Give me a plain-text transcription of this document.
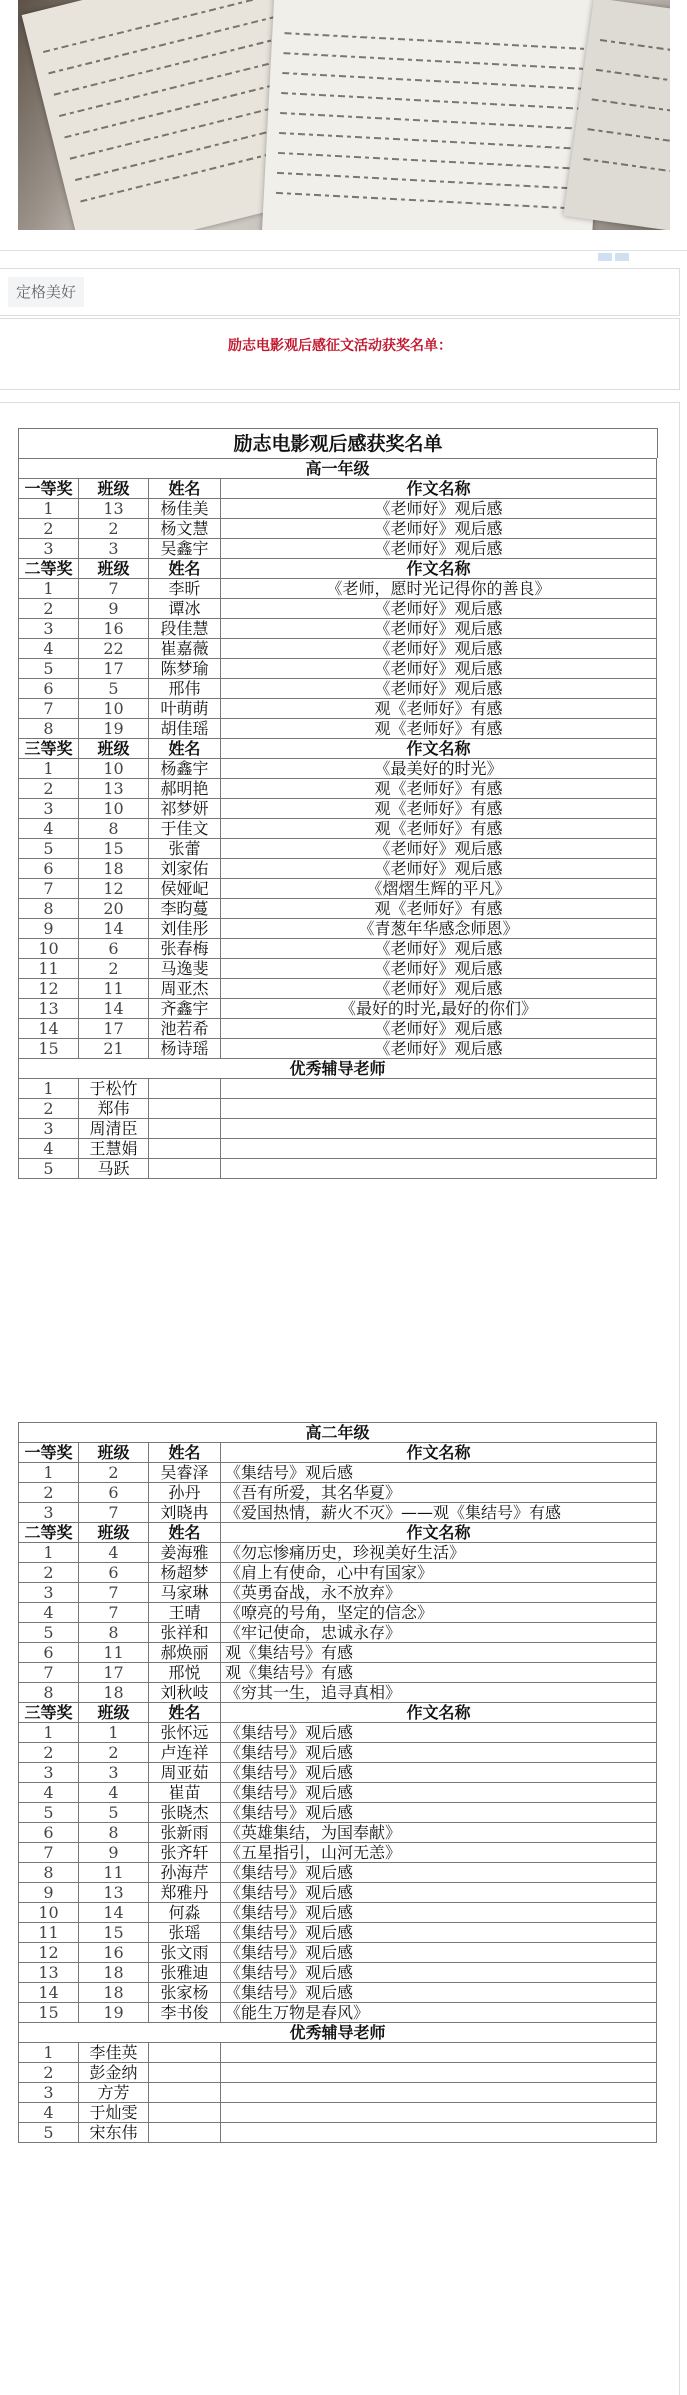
定格美好
励志电影观后感征文活动获奖名单：
励志电影观后感获奖名单
高一年级			
一等奖	班级	姓名	作文名称
1	13	杨佳美	《老师好》观后感
2	2	杨文慧	《老师好》观后感
3	3	吴鑫宇	《老师好》观后感
二等奖	班级	姓名	作文名称
1	7	李昕	《老师，愿时光记得你的善良》
2	9	谭冰	《老师好》观后感
3	16	段佳慧	《老师好》观后感
4	22	崔嘉薇	《老师好》观后感
5	17	陈梦瑜	《老师好》观后感
6	5	邢伟	《老师好》观后感
7	10	叶萌萌	观《老师好》有感
8	19	胡佳瑶	观《老师好》有感
三等奖	班级	姓名	作文名称
1	10	杨鑫宇	《最美好的时光》
2	13	郝明艳	观《老师好》有感
3	10	祁梦妍	观《老师好》有感
4	8	于佳文	观《老师好》有感
5	15	张蕾	《老师好》观后感
6	18	刘家佑	《老师好》观后感
7	12	侯娅屺	《熠熠生辉的平凡》
8	20	李昀蔓	观《老师好》有感
9	14	刘佳彤	《青葱年华感念师恩》
10	6	张春梅	《老师好》观后感
11	2	马逸斐	《老师好》观后感
12	11	周亚杰	《老师好》观后感
13	14	齐鑫宇	《最好的时光,最好的你们》
14	17	池若希	《老师好》观后感
15	21	杨诗瑶	《老师好》观后感
优秀辅导老师			
1	于松竹		
2	郑伟		
3	周清臣		
4	王慧娟		
5	马跃		
高二年级			
一等奖	班级	姓名	作文名称
1	2	吴睿泽	《集结号》观后感
2	6	孙丹	《吾有所爱，其名华夏》
3	7	刘晓冉	《爱国热情，薪火不灭》——观《集结号》有感
二等奖	班级	姓名	作文名称
1	4	姜海雅	《勿忘惨痛历史，珍视美好生活》
2	6	杨超梦	《肩上有使命，心中有国家》
3	7	马家琳	《英勇奋战，永不放弃》
4	7	王晴	《嘹亮的号角，坚定的信念》
5	8	张祥和	《牢记使命，忠诚永存》
6	11	郝焕丽	观《集结号》有感
7	17	邢悦	观《集结号》有感
8	18	刘秋岐	《穷其一生，追寻真相》
三等奖	班级	姓名	作文名称
1	1	张怀远	《集结号》观后感
2	2	卢连祥	《集结号》观后感
3	3	周亚茹	《集结号》观后感
4	4	崔苗	《集结号》观后感
5	5	张晓杰	《集结号》观后感
6	8	张新雨	《英雄集结，为国奉献》
7	9	张齐轩	《五星指引，山河无恙》
8	11	孙海芹	《集结号》观后感
9	13	郑雅丹	《集结号》观后感
10	14	何淼	《集结号》观后感
11	15	张瑶	《集结号》观后感
12	16	张文雨	《集结号》观后感
13	18	张雅迪	《集结号》观后感
14	18	张家杨	《集结号》观后感
15	19	李书俊	《能生万物是春风》
优秀辅导老师			
1	李佳英		
2	彭金纳		
3	方芳		
4	于灿雯		
5	宋东伟		
